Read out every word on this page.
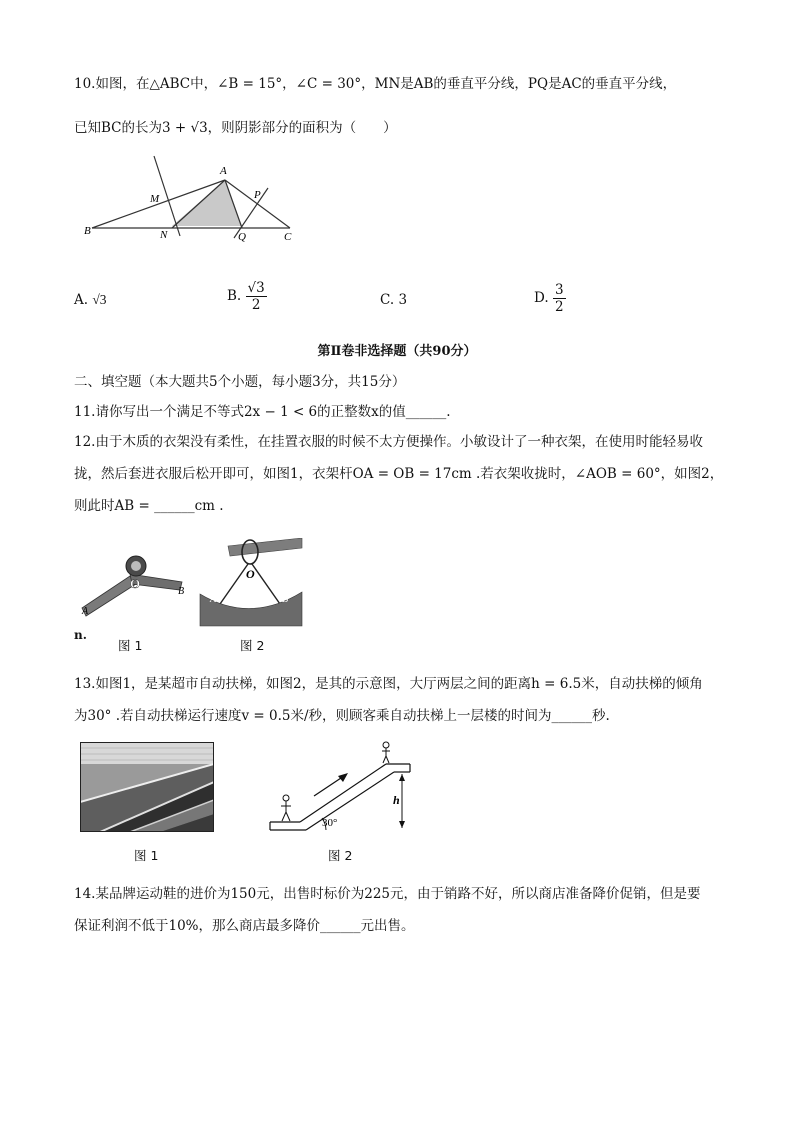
10.如图，在△ABC中，∠B = 15°，∠C = 30°，MN是AB的垂直平分线，PQ是AC的垂直平分线，
已知BC的长为3 + √3，则阴影部分的面积为（　　）
A
M	P
B	N	Q	C
A. √3	B. $\frac{√3}{2}$	C. 3	D. $\frac{3}{2}$
第Ⅱ卷非选择题（共90分）
二、填空题（本大题共5个小题，每小题3分，共15分）
11.请你写出一个满足不等式2x − 1 < 6的正整数x的值______.
12.由于木质的衣架没有柔性，在挂置衣服的时候不太方便操作。小敏设计了一种衣架，在使用时能轻易收
拢，然后套进衣服后松开即可，如图1，衣架杆OA = OB = 17cm .若衣架收拢时，∠AOB = 60°，如图2，
则此时AB = ______cm .
O
A
B
n.
图 1
O
A	B
图 2
13.如图1，是某超市自动扶梯，如图2，是其的示意图，大厅两层之间的距离h = 6.5米，自动扶梯的倾角
为30° .若自动扶梯运行速度v = 0.5米/秒，则顾客乘自动扶梯上一层楼的时间为______秒.
图 1
h
30°
图 2
14.某品牌运动鞋的进价为150元，出售时标价为225元，由于销路不好，所以商店准备降价促销，但是要
保证利润不低于10%，那么商店最多降价______元出售。
